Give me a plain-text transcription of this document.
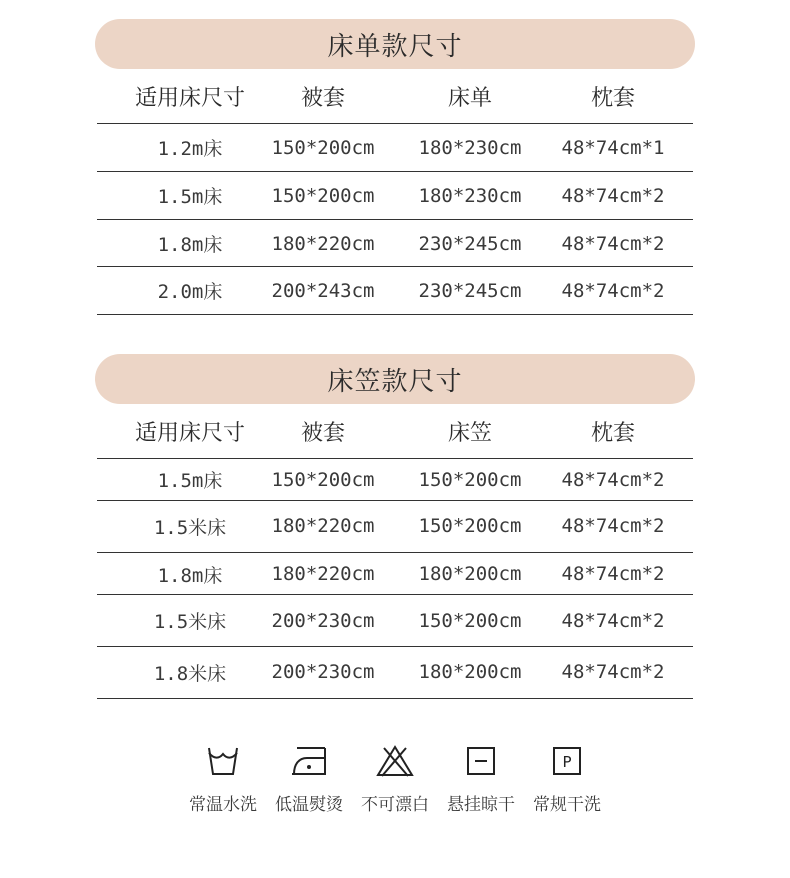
床单款尺寸
适用床尺寸	被套	床单	枕套
1.2m床	150*200cm	180*230cm	48*74cm*1
1.5m床	150*200cm	180*230cm	48*74cm*2
1.8m床	180*220cm	230*245cm	48*74cm*2
2.0m床	200*243cm	230*245cm	48*74cm*2
床笠款尺寸
适用床尺寸	被套	床笠	枕套
1.5m床	150*200cm	150*200cm	48*74cm*2
1.5米床	180*220cm	150*200cm	48*74cm*2
1.8m床	180*220cm	180*200cm	48*74cm*2
1.5米床	200*230cm	150*200cm	48*74cm*2
1.8米床	200*230cm	180*200cm	48*74cm*2
常温水洗	低温熨烫	不可漂白	悬挂晾干
P
常规干洗
